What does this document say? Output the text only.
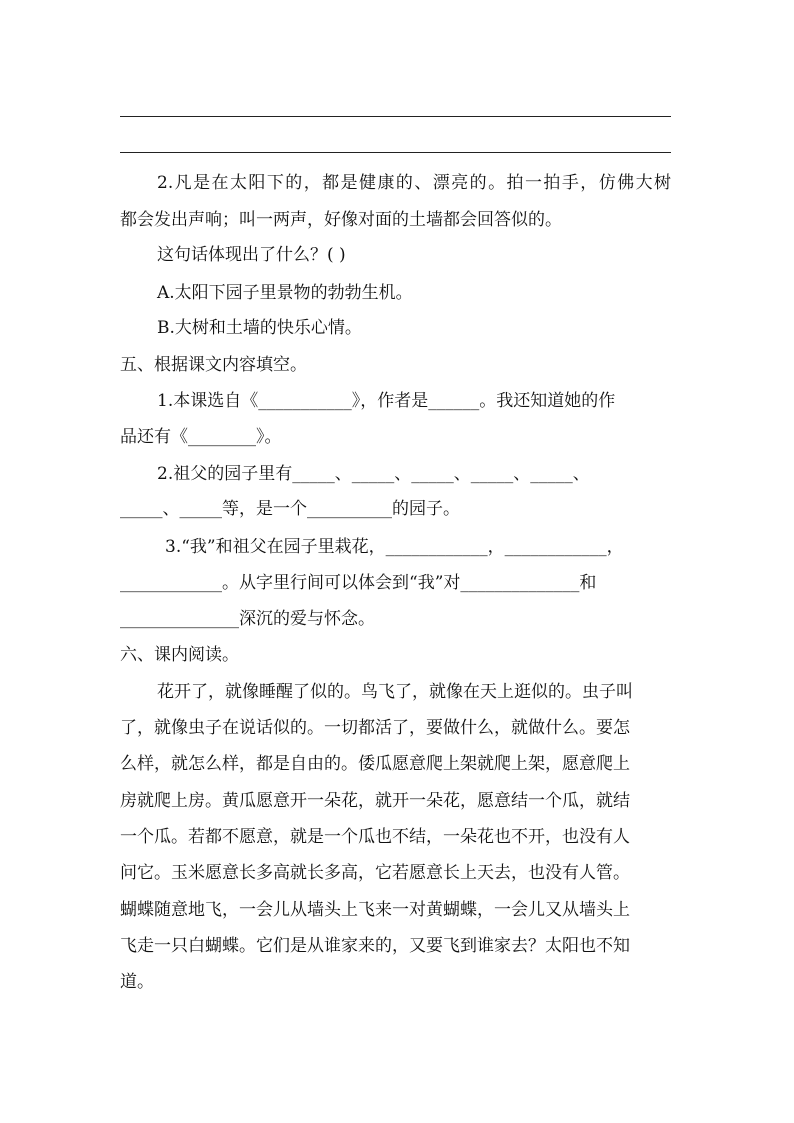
2.凡是在太阳下的，都是健康的、漂亮的。拍一拍手，仿佛大树
都会发出声响；叫一两声，好像对面的土墙都会回答似的。
这句话体现出了什么？( )
A.太阳下园子里景物的勃勃生机。
B.大树和土墙的快乐心情。
五、根据课文内容填空。
1.本课选自《___________》，作者是______。我还知道她的作
品还有《________》。
2.祖父的园子里有_____、_____、_____、_____、_____、
_____、_____等，是一个__________的园子。
3.“我”和祖父在园子里栽花，____________，____________，
____________。从字里行间可以体会到“我”对______________和
______________深沉的爱与怀念。
六、课内阅读。
花开了，就像睡醒了似的。鸟飞了，就像在天上逛似的。虫子叫
了，就像虫子在说话似的。一切都活了，要做什么，就做什么。要怎
么样，就怎么样，都是自由的。倭瓜愿意爬上架就爬上架，愿意爬上
房就爬上房。黄瓜愿意开一朵花，就开一朵花，愿意结一个瓜，就结
一个瓜。若都不愿意，就是一个瓜也不结，一朵花也不开，也没有人
问它。玉米愿意长多高就长多高，它若愿意长上天去，也没有人管。
蝴蝶随意地飞，一会儿从墙头上飞来一对黄蝴蝶，一会儿又从墙头上
飞走一只白蝴蝶。它们是从谁家来的，又要飞到谁家去？太阳也不知
道。
